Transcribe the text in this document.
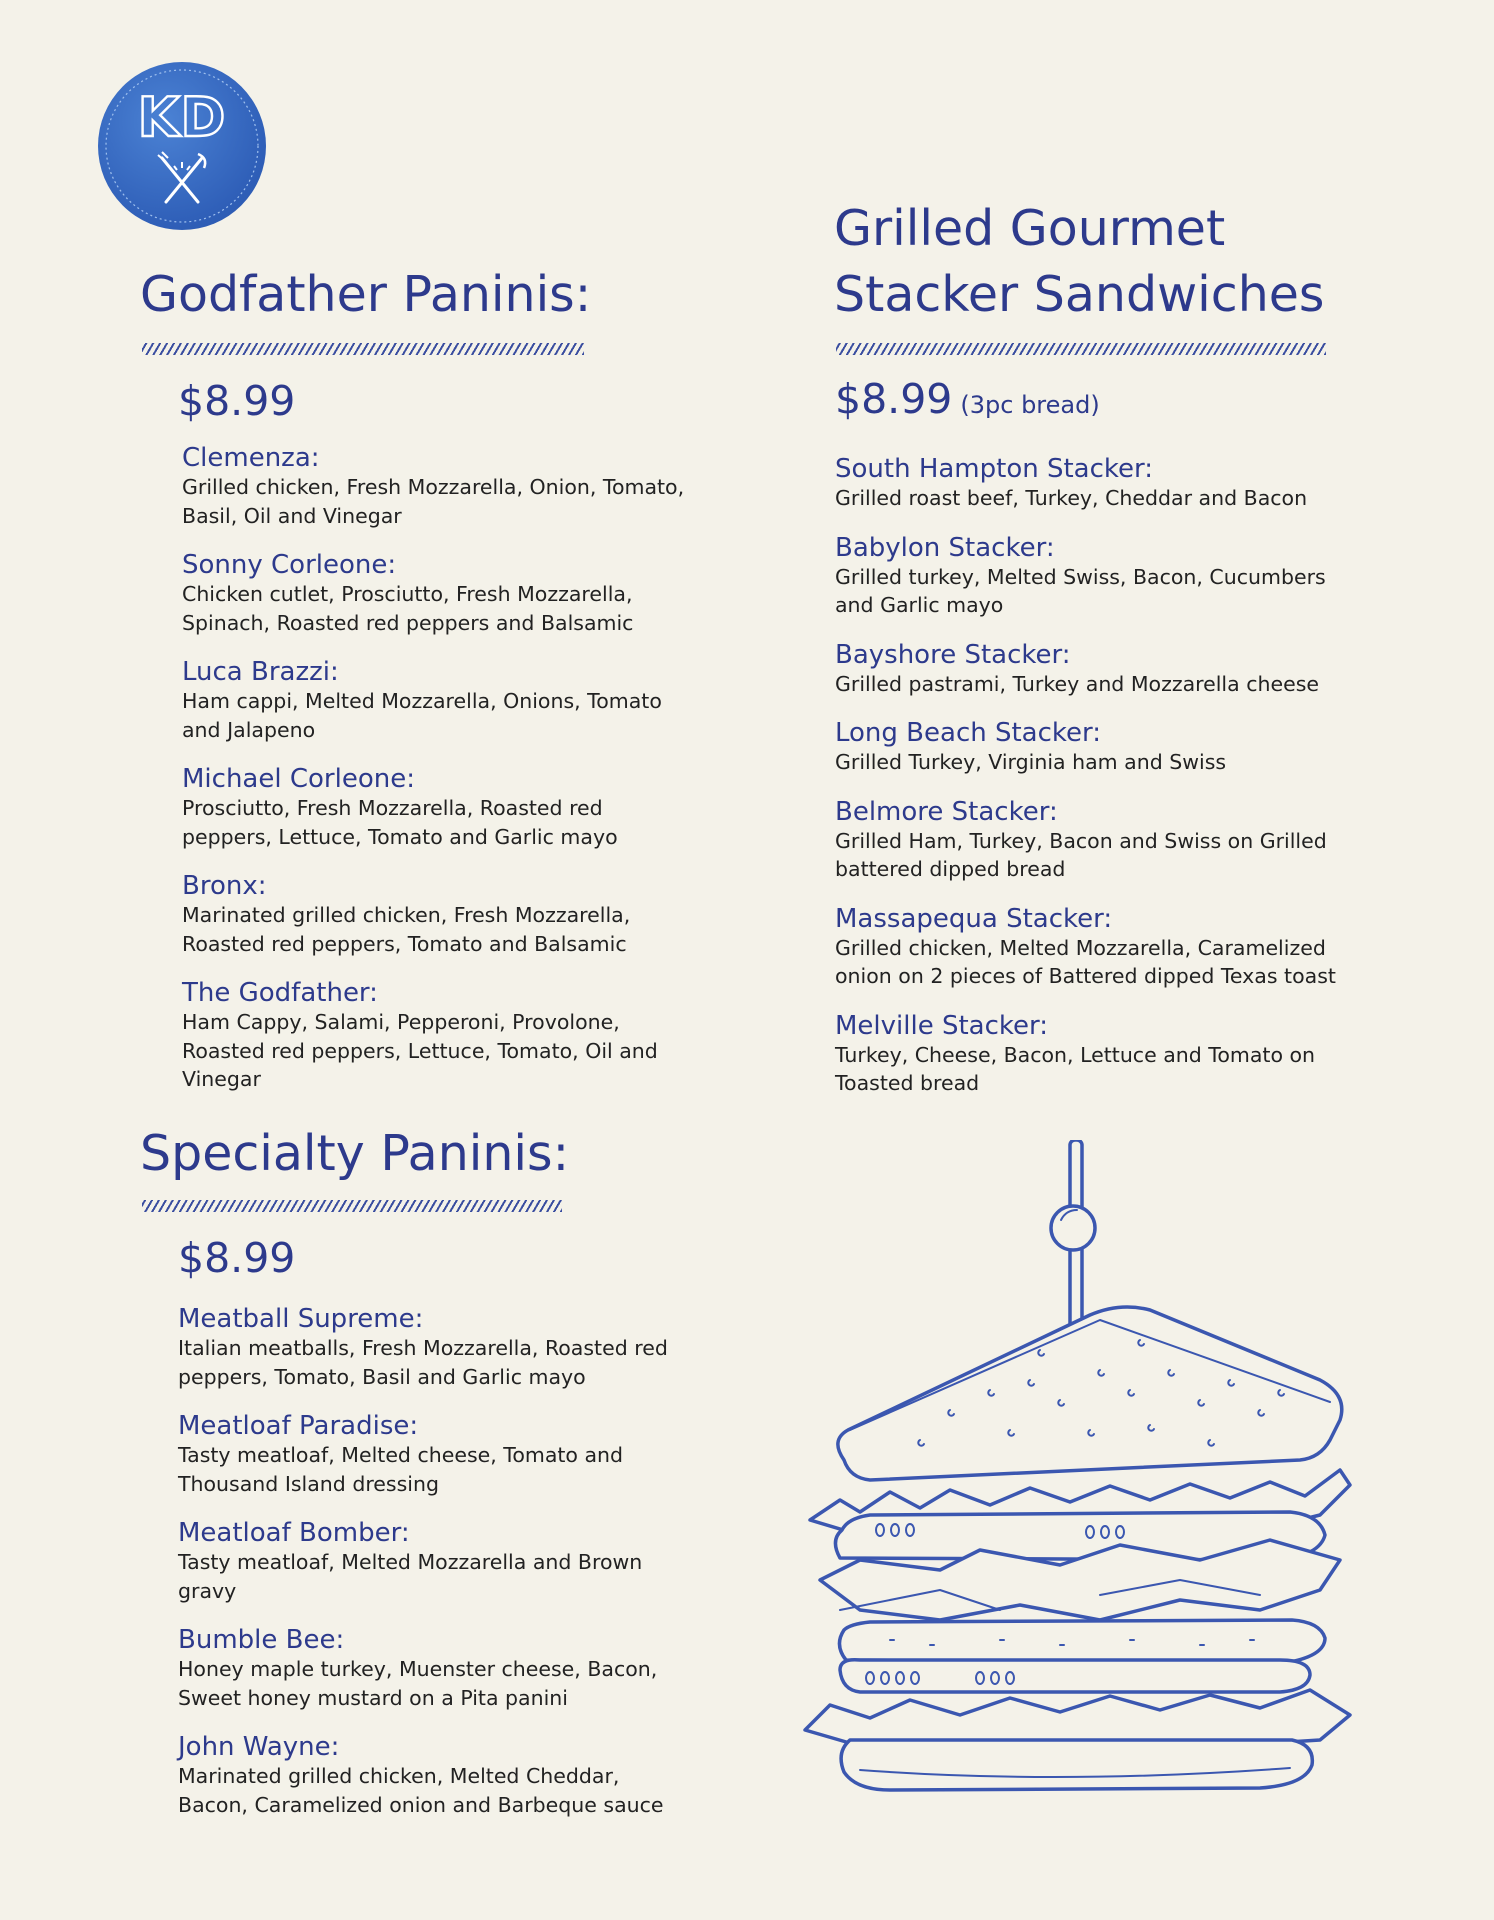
KD
Godfather Paninis:
$8.99
Clemenza:
Grilled chicken, Fresh Mozzarella, Onion, Tomato, Basil, Oil and Vinegar
Sonny Corleone:
Chicken cutlet, Prosciutto, Fresh Mozzarella, Spinach, Roasted red peppers and Balsamic
Luca Brazzi:
Ham cappi, Melted Mozzarella, Onions, Tomato and Jalapeno
Michael Corleone:
Prosciutto, Fresh Mozzarella, Roasted red peppers, Lettuce, Tomato and Garlic mayo
Bronx:
Marinated grilled chicken, Fresh Mozzarella, Roasted red peppers, Tomato and Balsamic
The Godfather:
Ham Cappy, Salami, Pepperoni, Provolone, Roasted red peppers, Lettuce, Tomato, Oil and Vinegar
Specialty Paninis:
$8.99
Meatball Supreme:
Italian meatballs, Fresh Mozzarella, Roasted red peppers, Tomato, Basil and Garlic mayo
Meatloaf Paradise:
Tasty meatloaf, Melted cheese, Tomato and Thousand Island dressing
Meatloaf Bomber:
Tasty meatloaf, Melted Mozzarella and Brown gravy
Bumble Bee:
Honey maple turkey, Muenster cheese, Bacon, Sweet honey mustard on a Pita panini
John Wayne:
Marinated grilled chicken, Melted Cheddar, Bacon, Caramelized onion and Barbeque sauce
Grilled Gourmet
Stacker Sandwiches
$8.99 (3pc bread)
South Hampton Stacker:
Grilled roast beef, Turkey, Cheddar and Bacon
Babylon Stacker:
Grilled turkey, Melted Swiss, Bacon, Cucumbers and Garlic mayo
Bayshore Stacker:
Grilled pastrami, Turkey and Mozzarella cheese
Long Beach Stacker:
Grilled Turkey, Virginia ham and Swiss
Belmore Stacker:
Grilled Ham, Turkey, Bacon and Swiss on Grilled battered dipped bread
Massapequa Stacker:
Grilled chicken, Melted Mozzarella, Caramelized onion on 2 pieces of Battered dipped Texas toast
Melville Stacker:
Turkey, Cheese, Bacon, Lettuce and Tomato on Toasted bread
